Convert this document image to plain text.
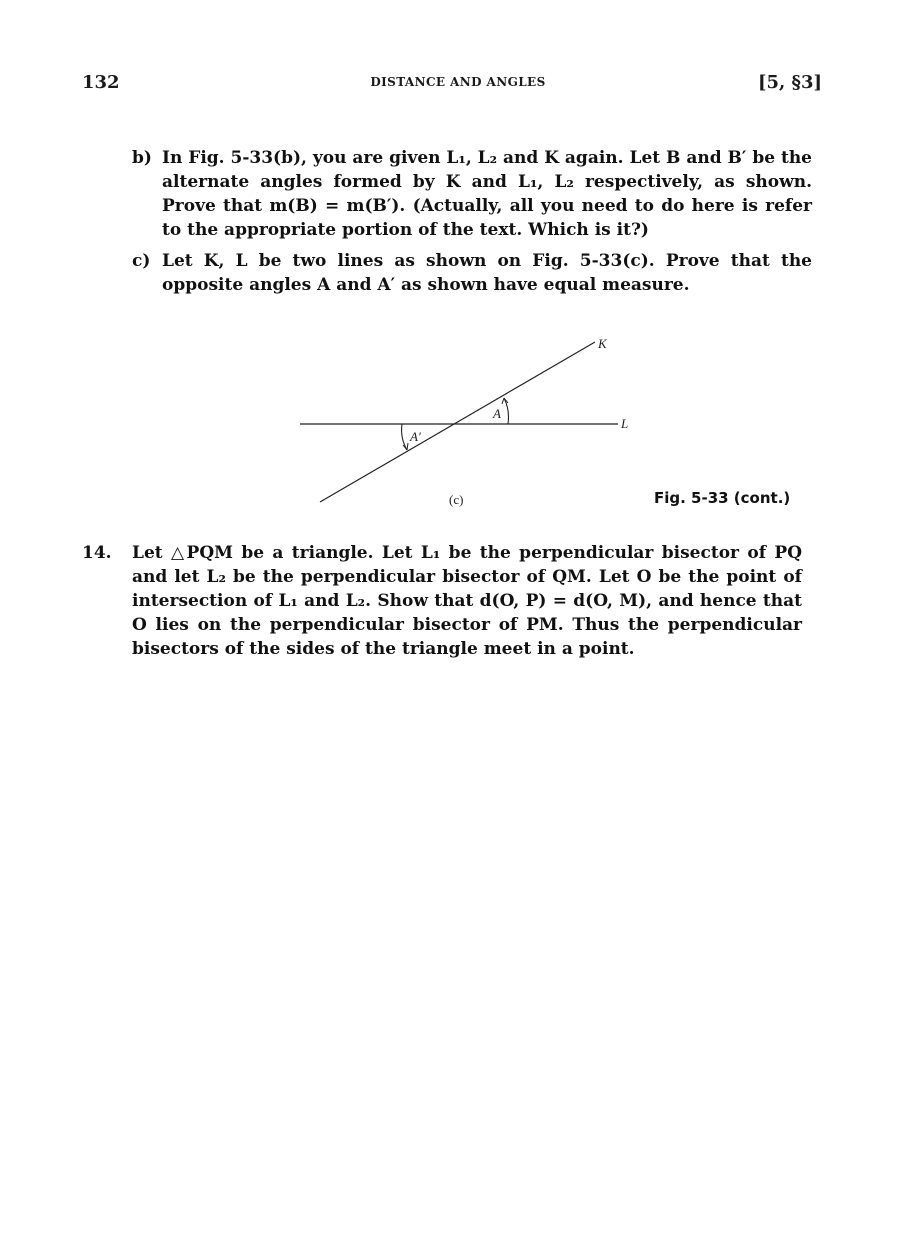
132	DISTANCE AND ANGLES	[5, §3]
b) In Fig. 5-33(b), you are given L₁, L₂ and K again. Let B and B′ be the alternate angles formed by K and L₁, L₂ respectively, as shown. Prove that m(B) = m(B′). (Actually, all you need to do here is refer to the appropriate portion of the text. Which is it?)
c) Let K, L be two lines as shown on Fig. 5-33(c). Prove that the opposite angles A and A′ as shown have equal measure.
K
L
A
A′
(c)	Fig. 5-33 (cont.)
14.	Let △PQM be a triangle. Let L₁ be the perpendicular bisector of PQ and let L₂ be the perpendicular bisector of QM. Let O be the point of intersection of L₁ and L₂. Show that d(O, P) = d(O, M), and hence that O lies on the perpendicular bisector of PM. Thus the perpendicular bisectors of the sides of the triangle meet in a point.
